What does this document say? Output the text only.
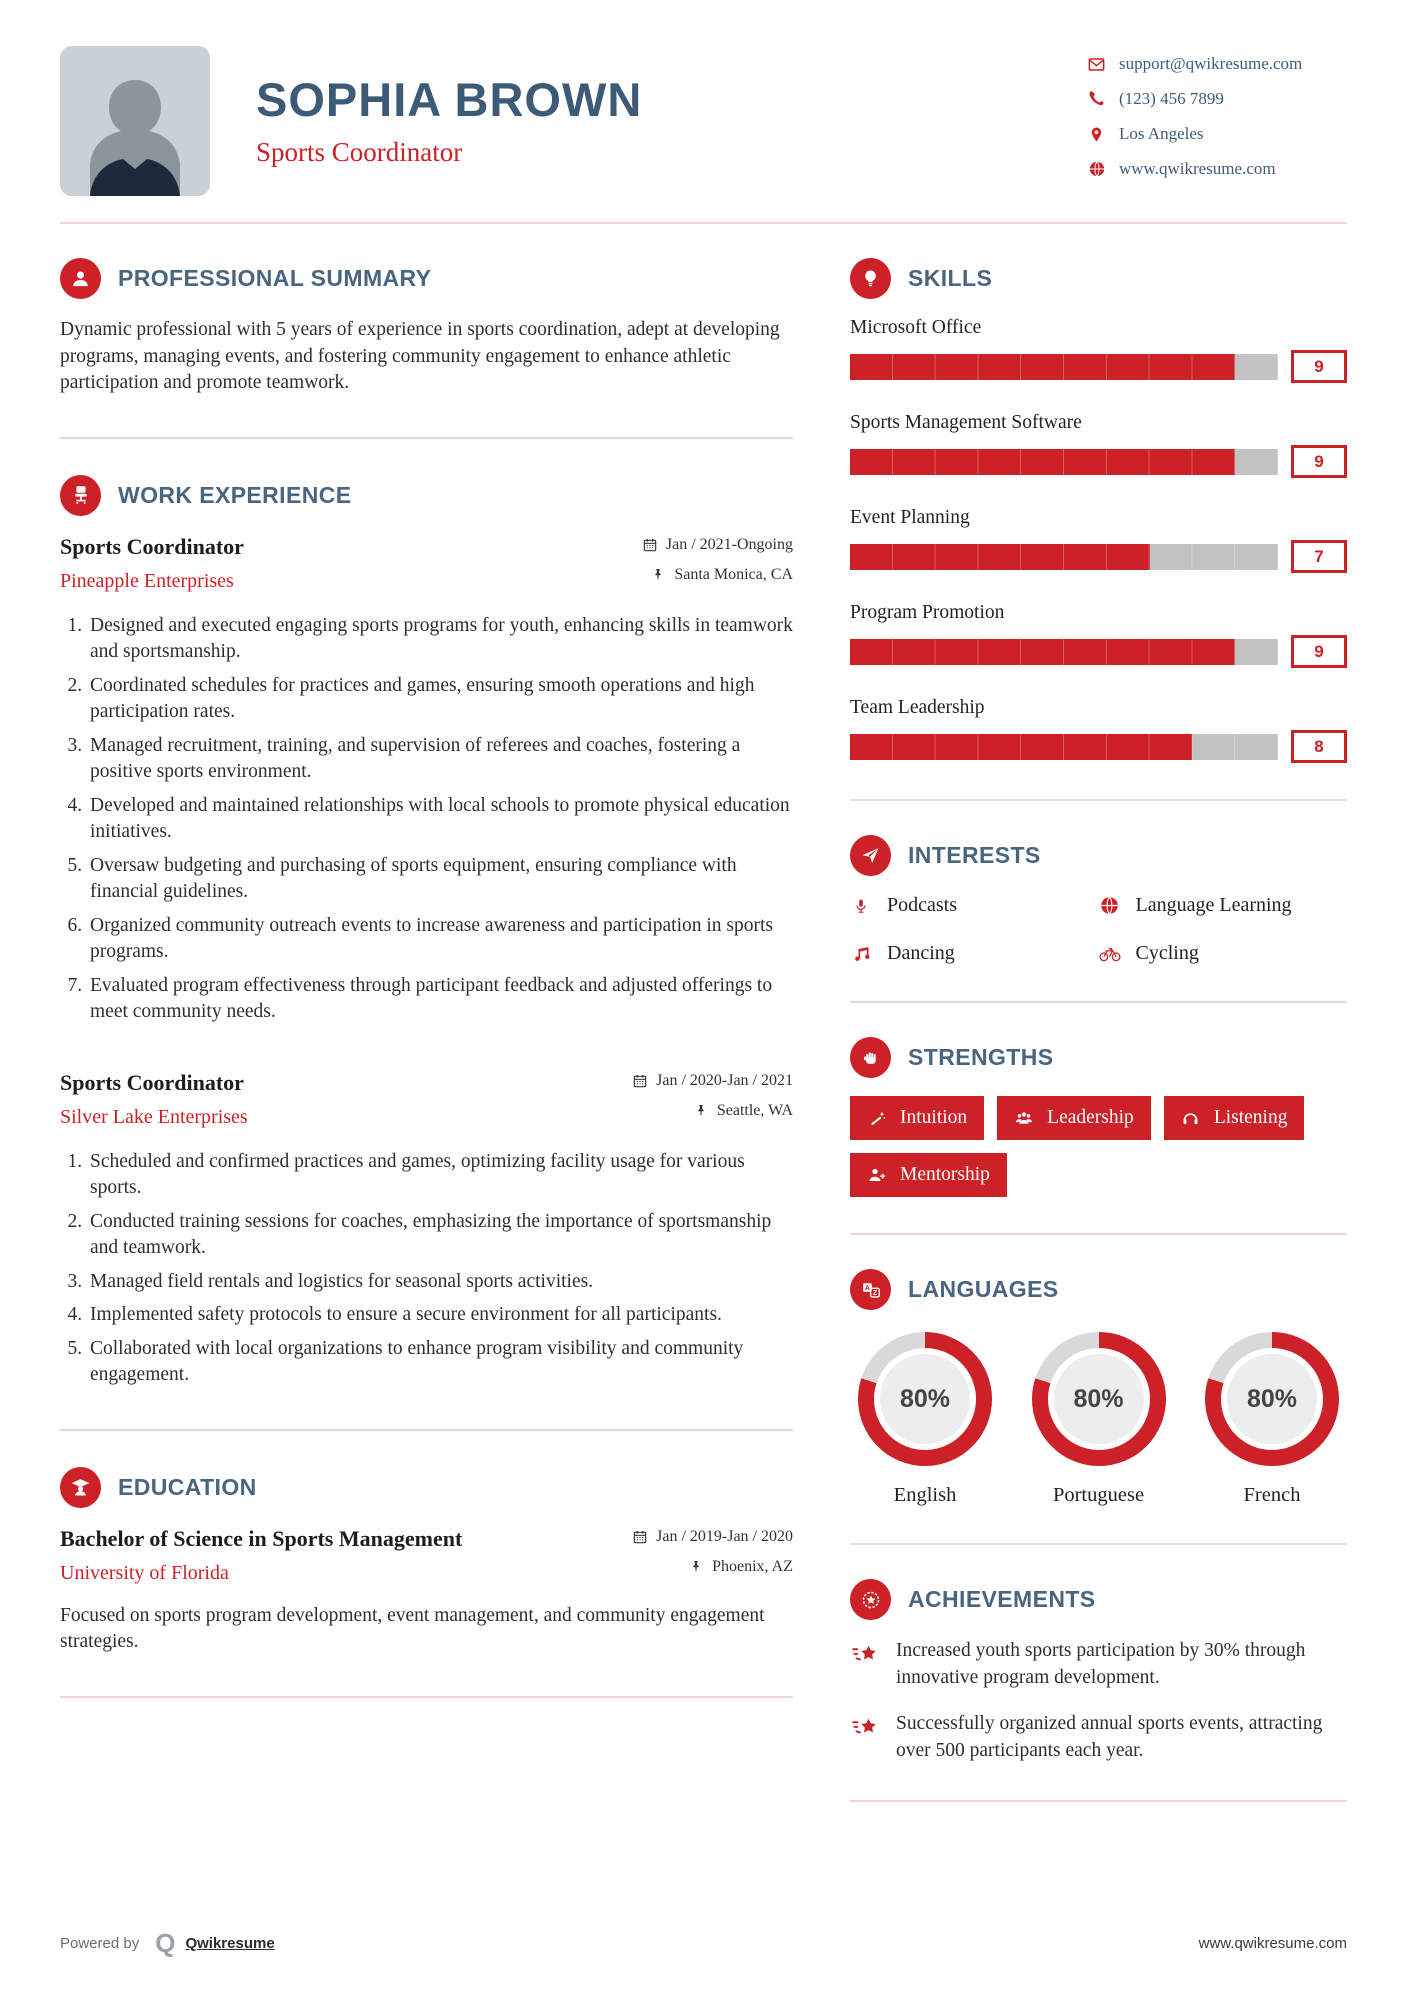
SOPHIA BROWN
Sports Coordinator
support@qwikresume.com
(123) 456 7899
Los Angeles
www.qwikresume.com
PROFESSIONAL SUMMARY

Dynamic professional with 5 years of experience in sports coordination, adept at developing programs, managing events, and fostering community engagement to enhance athletic participation and promote teamwork.

WORK EXPERIENCE
Sports Coordinator
Pineapple Enterprises
Jan / 2021-Ongoing
Santa Monica, CA
1. Designed and executed engaging sports programs for youth, enhancing skills in teamwork and sportsmanship.
2. Coordinated schedules for practices and games, ensuring smooth operations and high participation rates.
3. Managed recruitment, training, and supervision of referees and coaches, fostering a positive sports environment.
4. Developed and maintained relationships with local schools to promote physical education initiatives.
5. Oversaw budgeting and purchasing of sports equipment, ensuring compliance with financial guidelines.
6. Organized community outreach events to increase awareness and participation in sports programs.
7. Evaluated program effectiveness through participant feedback and adjusted offerings to meet community needs.
Sports Coordinator
Silver Lake Enterprises
Jan / 2020-Jan / 2021
Seattle, WA
1. Scheduled and confirmed practices and games, optimizing facility usage for various sports.
2. Conducted training sessions for coaches, emphasizing the importance of sportsmanship and teamwork.
3. Managed field rentals and logistics for seasonal sports activities.
4. Implemented safety protocols to ensure a secure environment for all participants.
5. Collaborated with local organizations to enhance program visibility and community engagement.
EDUCATION
Bachelor of Science in Sports Management
University of Florida
Jan / 2019-Jan / 2020
Phoenix, AZ

Focused on sports program development, event management, and community engagement strategies.

SKILLS
Microsoft Office
9
Sports Management Software
9
Event Planning
7
Program Promotion
9
Team Leadership
8
INTERESTS
Podcasts	Language Learning
Dancing	Cycling
STRENGTHS
Intuition	Leadership	Listening
Mentorship
A
Z LANGUAGES
80%
English
80%
Portuguese
80%
French
ACHIEVEMENTS
Increased youth sports participation by 30% through innovative program development.
Successfully organized annual sports events, attracting over 500 participants each year.
Powered by Q Qwikresume	www.qwikresume.com
